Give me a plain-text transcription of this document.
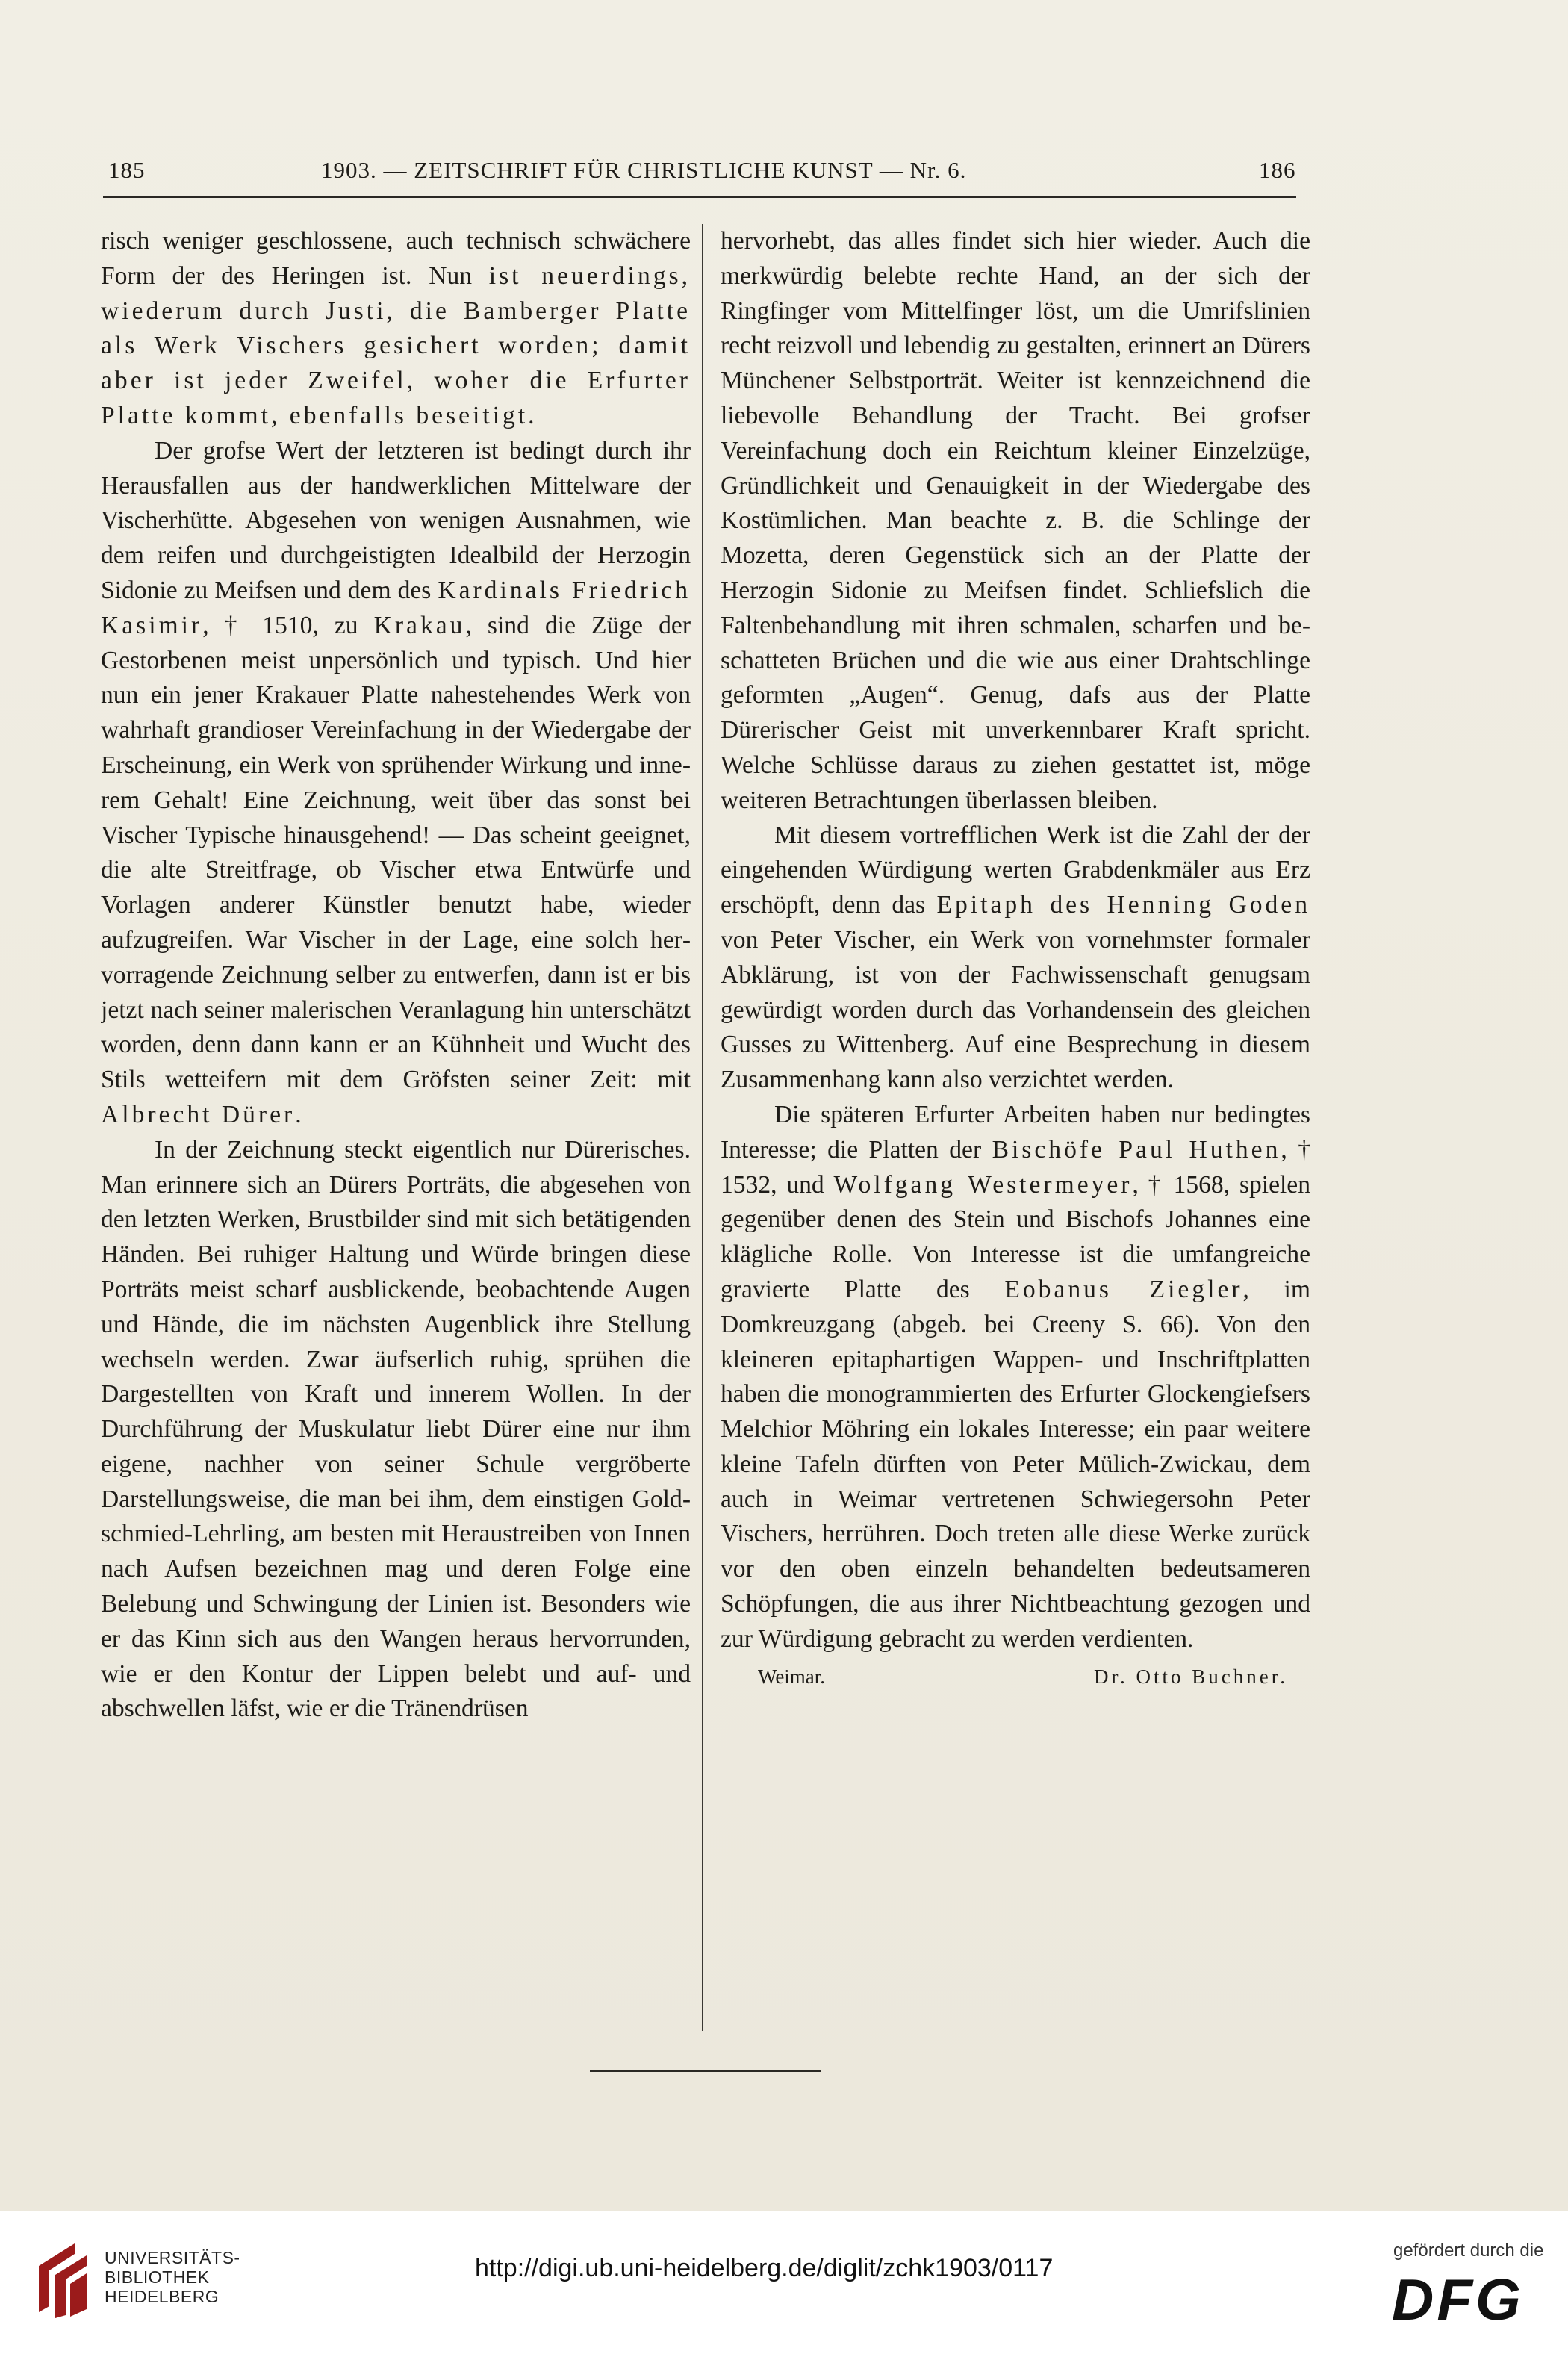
185	1903. — ZEITSCHRIFT FÜR CHRISTLICHE KUNST — Nr. 6.	186

risch weniger geschlossene, auch technisch schwächere Form der des Heringen ist. Nun ist neuerdings, wiederum durch Justi, die Bamberger Platte als Werk Vischers gesichert worden; damit aber ist jeder Zweifel, woher die Erfurter Platte kommt, ebenfalls beseitigt.

Der grofse Wert der letzteren ist bedingt durch ihr Herausfallen aus der handwerklichen Mittelware der Vischerhütte. Abgesehen von wenigen Ausnahmen, wie dem reifen und durchgeistigten Idealbild der Herzogin Sidonie zu Meifsen und dem des Kardinals Friedrich Kasimir, † 1510, zu Krakau, sind die Züge der Gestorbenen meist unpersönlich und typisch. Und hier nun ein jener Krakauer Platte nahestehendes Werk von wahrhaft grandioser Vereinfachung in der Wiedergabe der Erscheinung, ein Werk von sprühender Wirkung und innerem Gehalt! Eine Zeichnung, weit über das sonst bei Vischer Typische hinausgehend! — Das scheint geeignet, die alte Streitfrage, ob Vischer etwa Entwürfe und Vorlagen anderer Künstler benutzt habe, wieder aufzugreifen. War Vischer in der Lage, eine solch hervorragende Zeichnung selber zu entwerfen, dann ist er bis jetzt nach seiner malerischen Veranlagung hin unterschätzt worden, denn dann kann er an Kühnheit und Wucht des Stils wetteifern mit dem Gröfsten seiner Zeit: mit Albrecht Dürer.

In der Zeichnung steckt eigentlich nur Dürerisches. Man erinnere sich an Dürers Porträts, die abgesehen von den letzten Werken, Brustbilder sind mit sich betätigenden Händen. Bei ruhiger Haltung und Würde bringen diese Porträts meist scharf ausblickende, beobachtende Augen und Hände, die im nächsten Augenblick ihre Stellung wechseln werden. Zwar äufserlich ruhig, sprühen die Dargestellten von Kraft und innerem Wollen. In der Durchführung der Muskulatur liebt Dürer eine nur ihm eigene, nachher von seiner Schule vergröberte Darstellungsweise, die man bei ihm, dem einstigen Goldschmied-Lehrling, am besten mit Heraustreiben von Innen nach Aufsen bezeichnen mag und deren Folge eine Belebung und Schwingung der Linien ist. Besonders wie er das Kinn sich aus den Wangen heraus hervorrunden, wie er den Kontur der Lippen belebt und auf- und abschwellen läfst, wie er die Tränendrüsen

hervorhebt, das alles findet sich hier wieder. Auch die merkwürdig belebte rechte Hand, an der sich der Ringfinger vom Mittelfinger löst, um die Umrifslinien recht reizvoll und lebendig zu gestalten, erinnert an Dürers Münchener Selbstporträt. Weiter ist kennzeichnend die liebevolle Behandlung der Tracht. Bei grofser Vereinfachung doch ein Reichtum kleiner Einzelzüge, Gründlichkeit und Genauigkeit in der Wiedergabe des Kostümlichen. Man beachte z. B. die Schlinge der Mozetta, deren Gegenstück sich an der Platte der Herzogin Sidonie zu Meifsen findet. Schliefslich die Faltenbehandlung mit ihren schmalen, scharfen und beschatteten Brüchen und die wie aus einer Drahtschlinge geformten „Augen“. Genug, dafs aus der Platte Dürerischer Geist mit unverkennbarer Kraft spricht. Welche Schlüsse daraus zu ziehen gestattet ist, möge weiteren Betrachtungen überlassen bleiben.

Mit diesem vortrefflichen Werk ist die Zahl der der eingehenden Würdigung werten Grabdenkmäler aus Erz erschöpft, denn das Epitaph des Henning Goden von Peter Vischer, ein Werk von vornehmster formaler Abklärung, ist von der Fachwissenschaft genugsam gewürdigt worden durch das Vorhandensein des gleichen Gusses zu Wittenberg. Auf eine Besprechung in diesem Zusammenhang kann also verzichtet werden.

Die späteren Erfurter Arbeiten haben nur bedingtes Interesse; die Platten der Bischöfe Paul Huthen, † 1532, und Wolfgang Westermeyer, † 1568, spielen gegenüber denen des Stein und Bischofs Johannes eine klägliche Rolle. Von Interesse ist die umfangreiche gravierte Platte des Eobanus Ziegler, im Domkreuzgang (abgeb. bei Creeny S. 66). Von den kleineren epitaphartigen Wappen- und Inschriftplatten haben die monogrammierten des Erfurter Glockengiefsers Melchior Möhring ein lokales Interesse; ein paar weitere kleine Tafeln dürften von Peter Mülich-Zwickau, dem auch in Weimar vertretenen Schwiegersohn Peter Vischers, herrühren. Doch treten alle diese Werke zurück vor den oben einzeln behandelten bedeutsameren Schöpfungen, die aus ihrer Nichtbeachtung gezogen und zur Würdigung gebracht zu werden verdienten.

Weimar.	Dr. Otto Buchner.
UNIVERSITÄTS-
BIBLIOTHEK
HEIDELBERG
http://digi.ub.uni-heidelberg.de/diglit/zchk1903/0117
gefördert durch die
DFG
